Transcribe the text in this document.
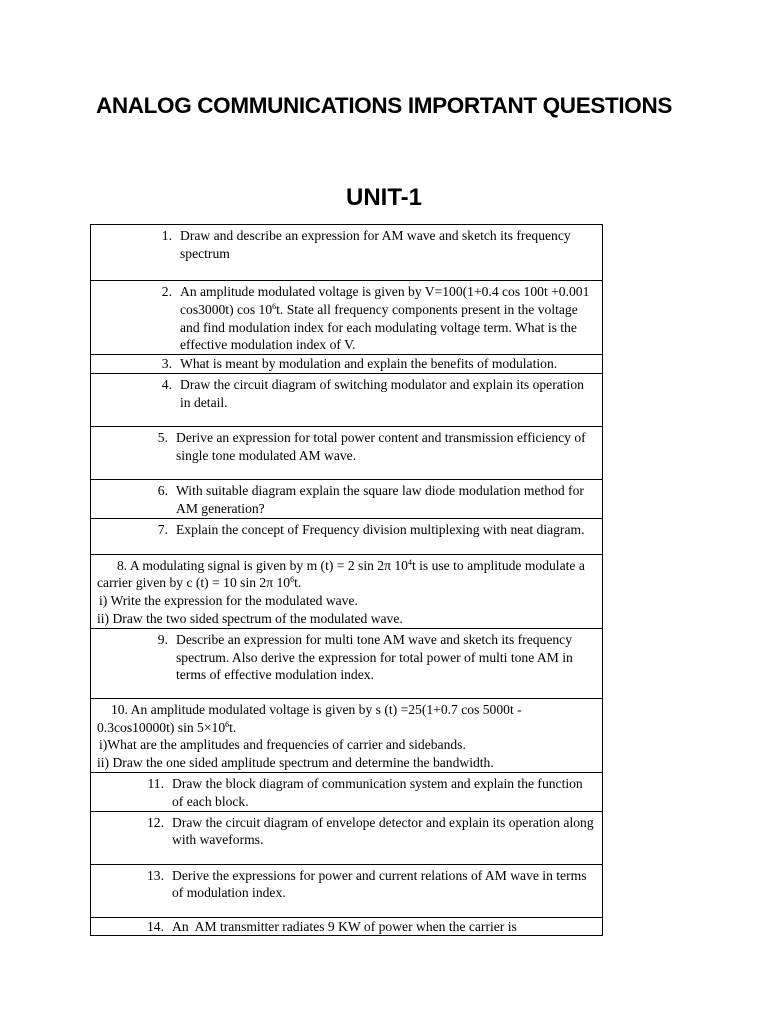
ANALOG COMMUNICATIONS IMPORTANT QUESTIONS
UNIT-1
1. Draw and describe an expression for AM wave and sketch its frequency spectrum

2. An amplitude modulated voltage is given by V=100(1+0.4 cos 100t +0.001 cos3000t) $\cos 10^6t$. State all frequency components present in the voltage and find modulation index for each modulating voltage term. What is the effective modulation index of V.

3. What is meant by modulation and explain the benefits of modulation.

4. Draw the circuit diagram of switching modulator and explain its operation in detail.

5. Derive an expression for total power content and transmission efficiency of single tone modulated AM wave.

6. With suitable diagram explain the square law diode modulation method for AM generation?

7. Explain the concept of Frequency division multiplexing with neat diagram.

8. A modulating signal is given by m (t) = 2 sin 2π $10^4t$ is use to amplitude modulate a carrier given by c (t) = 10 sin 2π $10^6t$.
i) Write the expression for the modulated wave.
ii) Draw the two sided spectrum of the modulated wave.

9. Describe an expression for multi tone AM wave and sketch its frequency spectrum. Also derive the expression for total power of multi tone AM in terms of effective modulation index.

10. An amplitude modulated voltage is given by s (t) =25(1+0.7 cos 5000t - 0.3cos10000t) $\sin 5\times 10^6t$.
i)What are the amplitudes and frequencies of carrier and sidebands.
ii) Draw the one sided amplitude spectrum and determine the bandwidth.

11. Draw the block diagram of communication system and explain the function of each block.

12. Draw the circuit diagram of envelope detector and explain its operation along with waveforms.

13. Derive the expressions for power and current relations of AM wave in terms of modulation index.

14. An  AM transmitter radiates 9 KW of power when the carrier is
